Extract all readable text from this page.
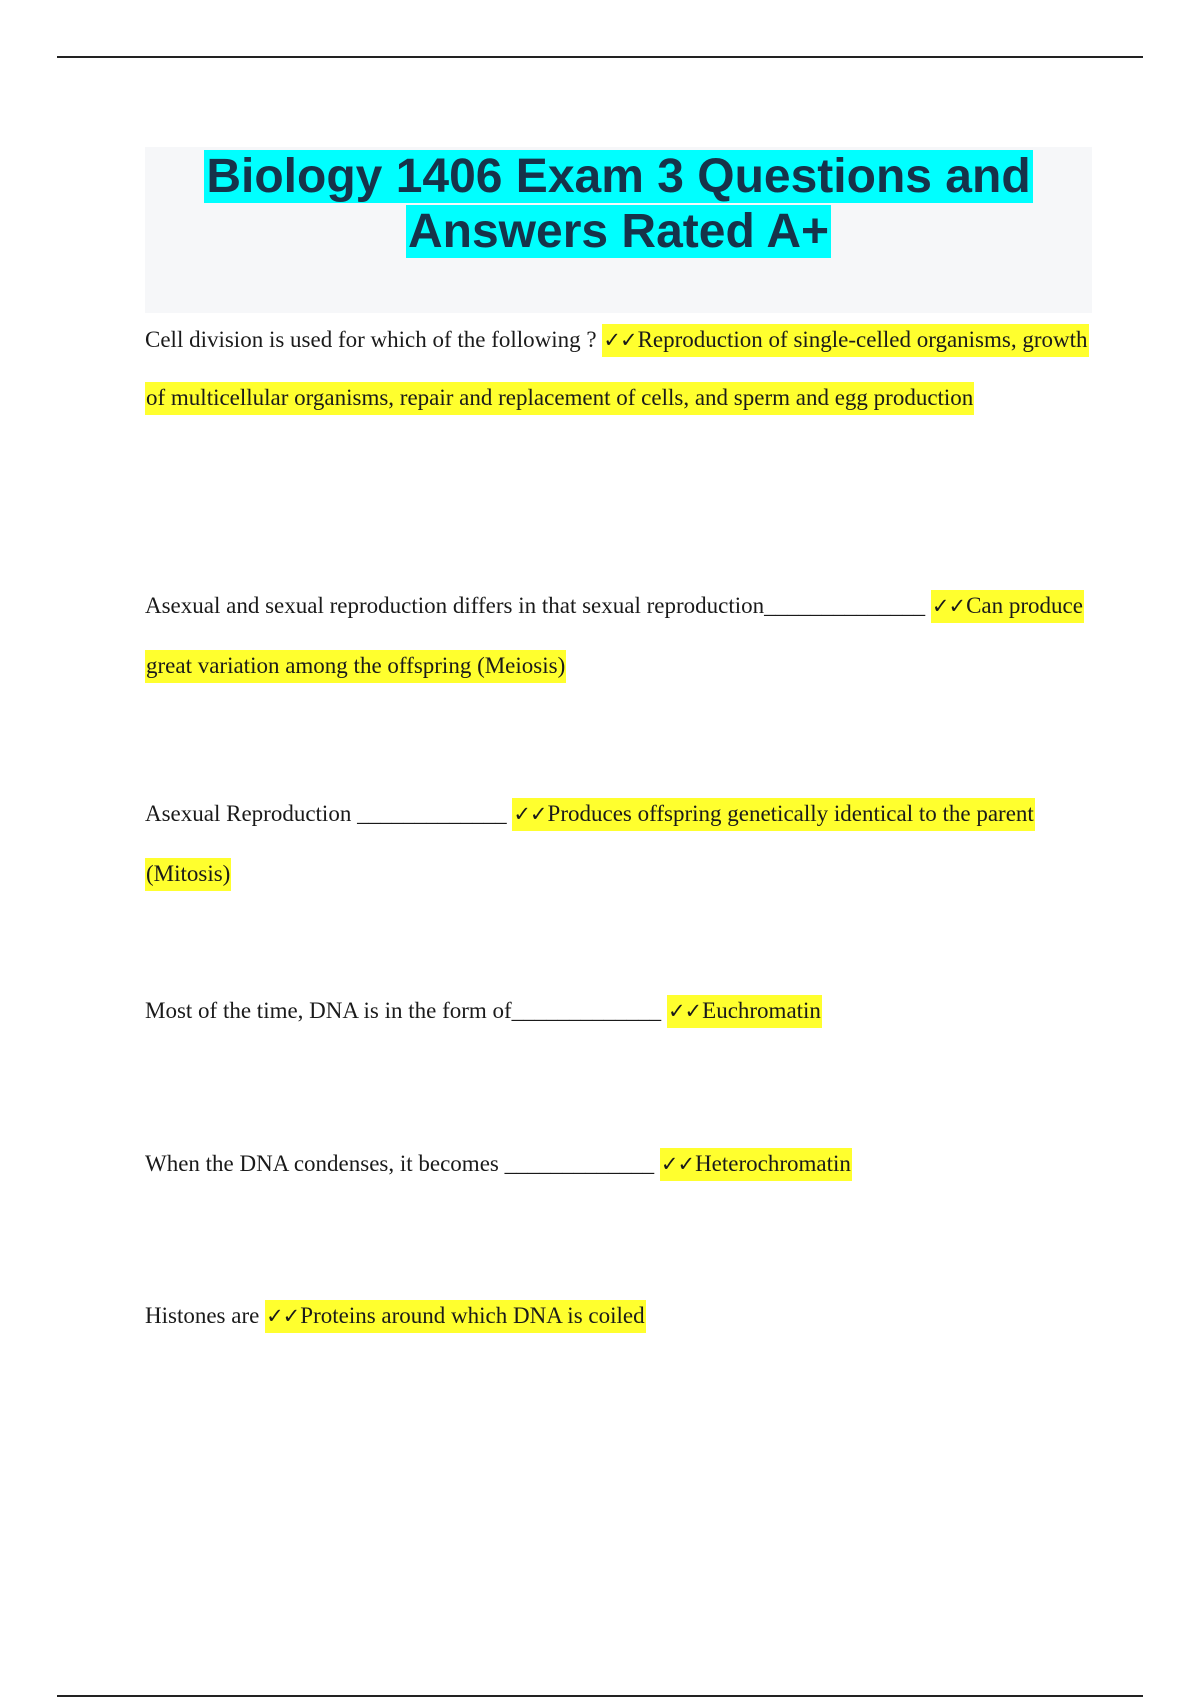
Biology 1406 Exam 3 Questions and Answers Rated A+

Cell division is used for which of the following ? ✓✓Reproduction of single-celled organisms, growth of multicellular organisms, repair and replacement of cells, and sperm and egg production

Asexual and sexual reproduction differs in that sexual reproduction______________ ✓✓Can produce great variation among the offspring (Meiosis)

Asexual Reproduction _____________ ✓✓Produces offspring genetically identical to the parent (Mitosis)

Most of the time, DNA is in the form of_____________ ✓✓Euchromatin

When the DNA condenses, it becomes _____________ ✓✓Heterochromatin

Histones are ✓✓Proteins around which DNA is coiled
